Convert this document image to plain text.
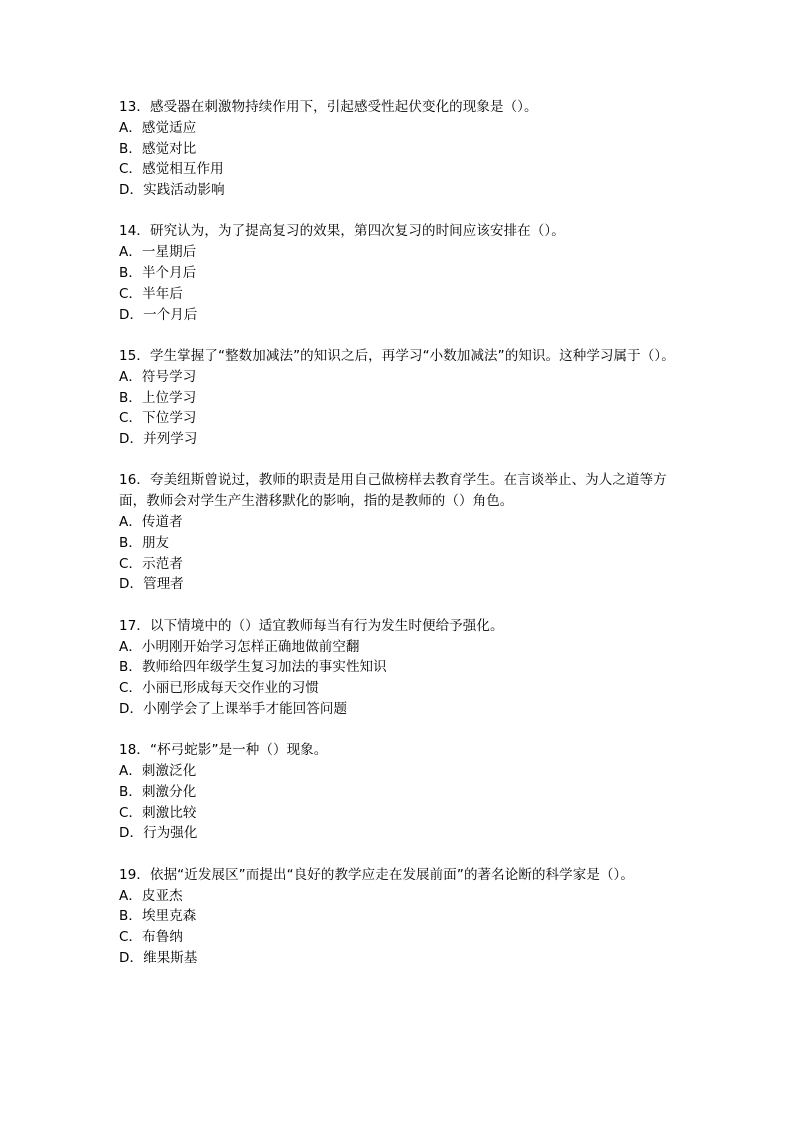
13．感受器在刺激物持续作用下，引起感受性起伏变化的现象是（）。
A．感觉适应
B．感觉对比
C．感觉相互作用
D．实践活动影响
14．研究认为，为了提高复习的效果，第四次复习的时间应该安排在（）。
A．一星期后
B．半个月后
C．半年后
D．一个月后
15．学生掌握了“整数加减法”的知识之后，再学习“小数加减法”的知识。这种学习属于（）。
A．符号学习
B．上位学习
C．下位学习
D．并列学习
16．夸美纽斯曾说过，教师的职责是用自己做榜样去教育学生。在言谈举止、为人之道等方面，教师会对学生产生潜移默化的影响，指的是教师的（）角色。
A．传道者
B．朋友
C．示范者
D．管理者
17．以下情境中的（）适宜教师每当有行为发生时便给予强化。
A．小明刚开始学习怎样正确地做前空翻
B．教师给四年级学生复习加法的事实性知识
C．小丽已形成每天交作业的习惯
D．小刚学会了上课举手才能回答问题
18．“杯弓蛇影”是一种（）现象。
A．刺激泛化
B．刺激分化
C．刺激比较
D．行为强化
19．依据“近发展区”而提出“良好的教学应走在发展前面”的著名论断的科学家是（）。
A．皮亚杰
B．埃里克森
C．布鲁纳
D．维果斯基
